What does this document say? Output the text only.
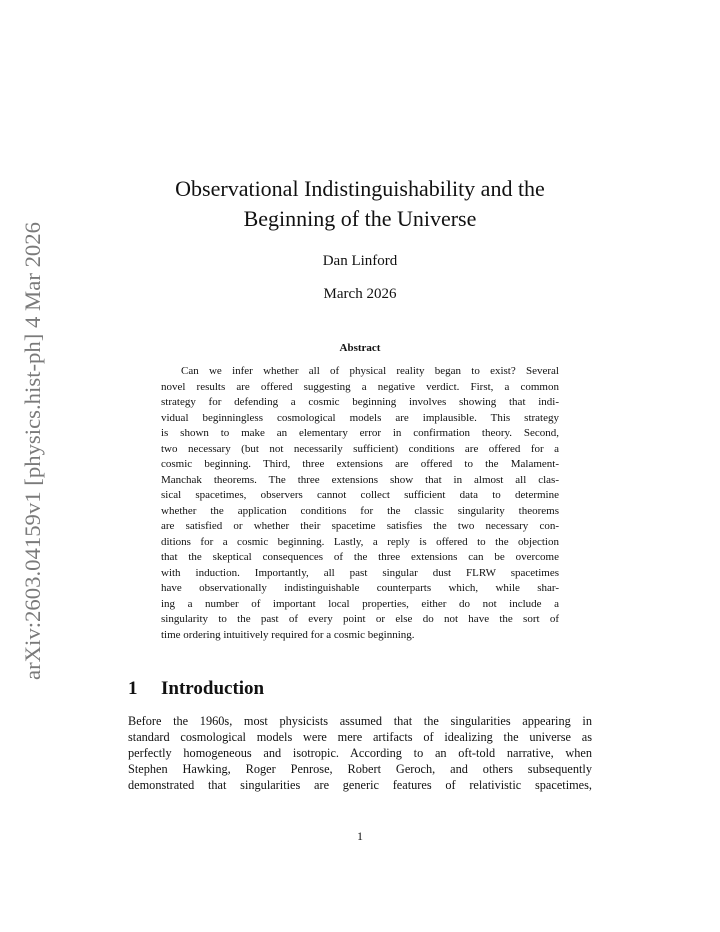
arXiv:2603.04159v1 [physics.hist-ph] 4 Mar 2026
Observational Indistinguishability and the
Beginning of the Universe
Dan Linford
March 2026
Abstract
Can we infer whether all of physical reality began to exist? Several
novel results are offered suggesting a negative verdict. First, a common
strategy for defending a cosmic beginning involves showing that indi-
vidual beginningless cosmological models are implausible. This strategy
is shown to make an elementary error in confirmation theory. Second,
two necessary (but not necessarily sufficient) conditions are offered for a
cosmic beginning. Third, three extensions are offered to the Malament-
Manchak theorems. The three extensions show that in almost all clas-
sical spacetimes, observers cannot collect sufficient data to determine
whether the application conditions for the classic singularity theorems
are satisfied or whether their spacetime satisfies the two necessary con-
ditions for a cosmic beginning. Lastly, a reply is offered to the objection
that the skeptical consequences of the three extensions can be overcome
with induction. Importantly, all past singular dust FLRW spacetimes
have observationally indistinguishable counterparts which, while shar-
ing a number of important local properties, either do not include a
singularity to the past of every point or else do not have the sort of
time ordering intuitively required for a cosmic beginning.
1 Introduction
Before the 1960s, most physicists assumed that the singularities appearing in
standard cosmological models were mere artifacts of idealizing the universe as
perfectly homogeneous and isotropic. According to an oft-told narrative, when
Stephen Hawking, Roger Penrose, Robert Geroch, and others subsequently
demonstrated that singularities are generic features of relativistic spacetimes,
1
